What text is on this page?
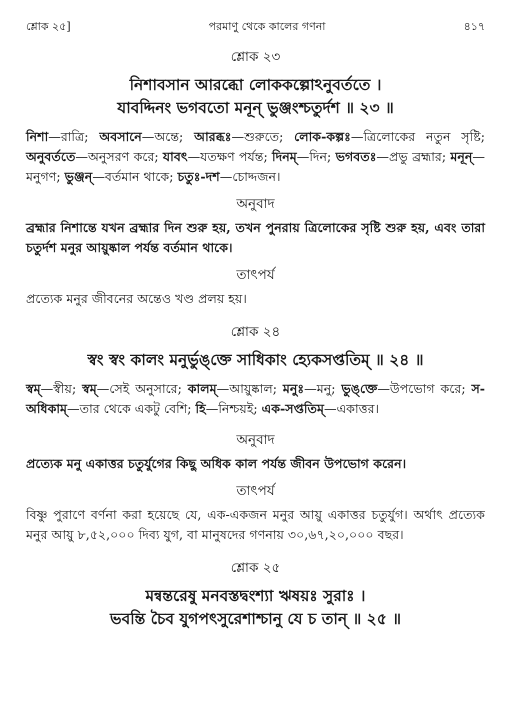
শ্লোক ২৫]	পরমাণু থেকে কালের গণনা	৪১৭
শ্লোক ২৩
নিশাবসান আরব্ধো লোককল্পোঽনুবর্ততে ।
যাবদ্দিনং ভগবতো মনূন্ ভুঞ্জংশ্চতুর্দশ ॥ ২৩ ॥
নিশা—রাত্রি; অবসানে—অন্তে; আরব্ধঃ—শুরুতে; লোক-কল্পঃ—ত্রিলোকের নতুন সৃষ্টি; অনুবর্ততে—অনুসরণ করে; যাবৎ—যতক্ষণ পর্যন্ত; দিনম্—দিন; ভগবতঃ—প্রভু ব্রহ্মার; মনূন্—মনুগণ; ভুঞ্জন্—বর্তমান থাকে; চতুঃ-দশ—চোদ্দজন।
অনুবাদ
ব্রহ্মার নিশান্তে যখন ব্রহ্মার দিন শুরু হয়, তখন পুনরায় ত্রিলোকের সৃষ্টি শুরু হয়, এবং তারা চতুর্দশ মনুর আয়ুষ্কাল পর্যন্ত বর্তমান থাকে।
তাৎপর্য
প্রত্যেক মনুর জীবনের অন্তেও খণ্ড প্রলয় হয়।
শ্লোক ২৪
স্বং স্বং কালং মনুর্ভুঙ্‌ক্তে সাধিকাং হ্যেকসপ্ততিম্ ॥ ২৪ ॥
স্বম্—স্বীয়; স্বম্—সেই অনুসারে; কালম্—আয়ুষ্কাল; মনুঃ—মনু; ভুঙ্‌ক্তে—উপভোগ করে; স-অধিকাম্—তার থেকে একটু বেশি; হি—নিশ্চয়ই; এক-সপ্ততিম্—একাত্তর।
অনুবাদ
প্রত্যেক মনু একাত্তর চতুর্যুগের কিছু অধিক কাল পর্যন্ত জীবন উপভোগ করেন।
তাৎপর্য
বিষ্ণু পুরাণে বর্ণনা করা হয়েছে যে, এক-একজন মনুর আয়ু একাত্তর চতুর্যুগ। অর্থাৎ প্রত্যেক মনুর আয়ু ৮,৫২,০০০ দিব্য যুগ, বা মানুষদের গণনায় ৩০,৬৭,২০,০০০ বছর।
শ্লোক ২৫
মন্বন্তরেষু মনবস্তদ্বংশ্যা ঋষয়ঃ সুরাঃ ।
ভবন্তি চৈব যুগপৎসুরেশাশ্চানু যে চ তান্ ॥ ২৫ ॥
